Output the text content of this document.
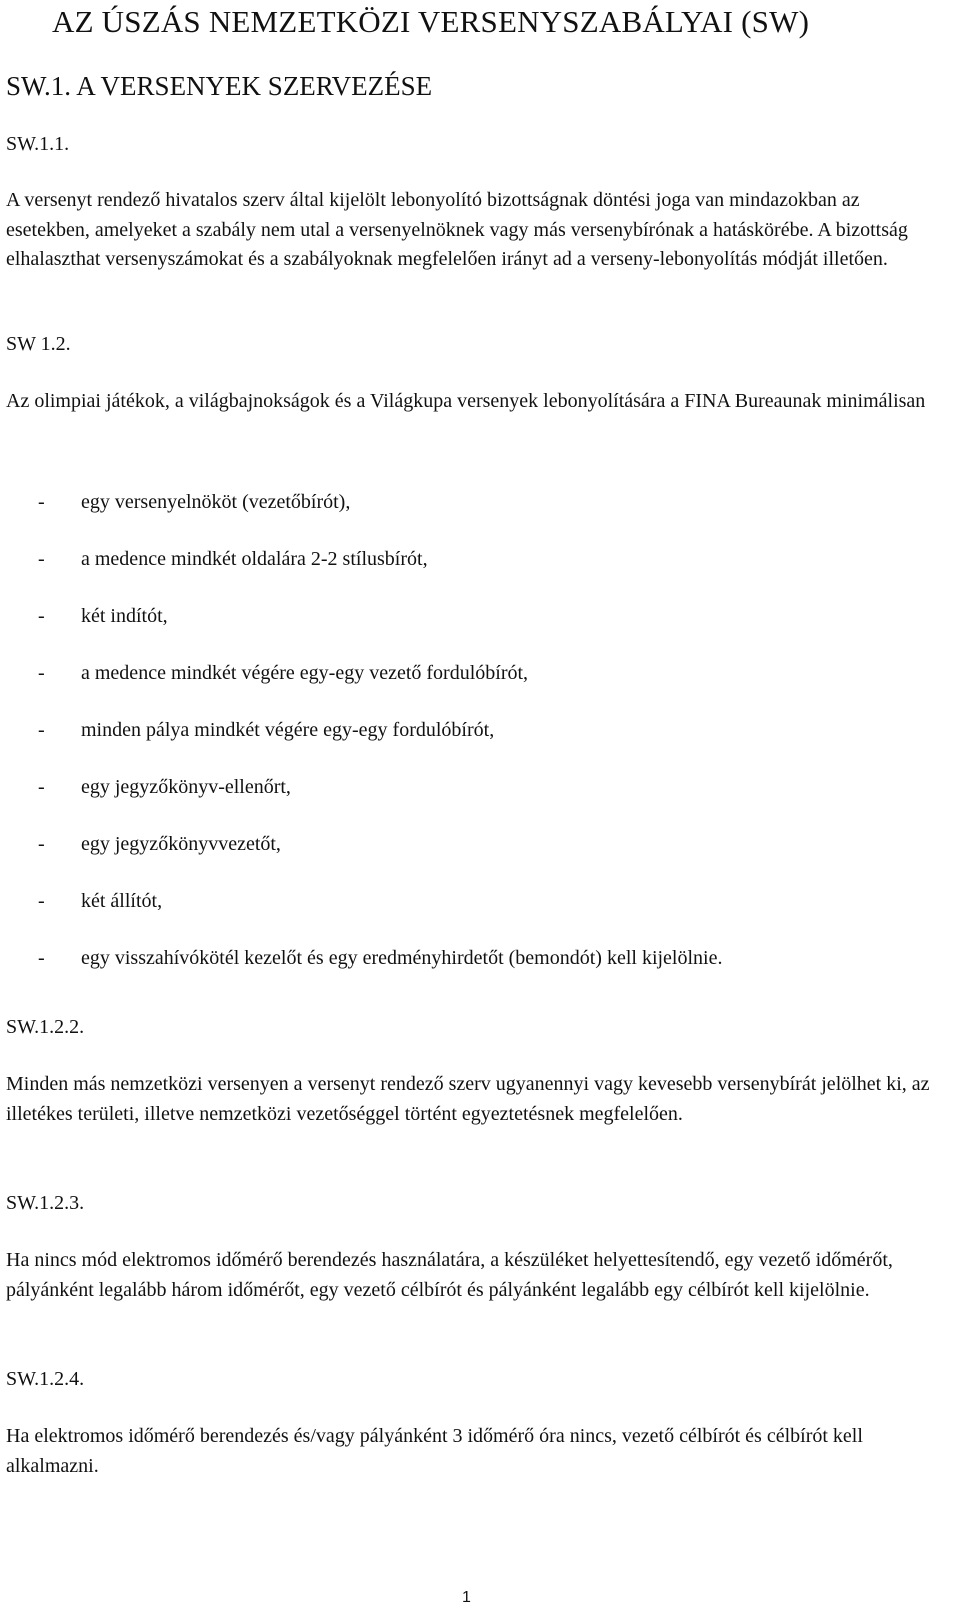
AZ ÚSZÁS NEMZETKÖZI VERSENYSZABÁLYAI (SW)
SW.1. A VERSENYEK SZERVEZÉSE

SW.1.1.

A versenyt rendező hivatalos szerv által kijelölt lebonyolító bizottságnak döntési joga van mindazokban az esetekben, amelyeket a szabály nem utal a versenyelnöknek vagy más versenybírónak a hatáskörébe. A bizottság elhalaszthat versenyszámokat és a szabályoknak megfelelően irányt ad a verseny-lebonyolítás módját illetően.

SW 1.2.

Az olimpiai játékok, a világbajnokságok és a Világkupa versenyek lebonyolítására a FINA Bureaunak minimálisan

- egy versenyelnököt (vezetőbírót),
- a medence mindkét oldalára 2-2 stílusbírót,
- két indítót,
- a medence mindkét végére egy-egy vezető fordulóbírót,
- minden pálya mindkét végére egy-egy fordulóbírót,
- egy jegyzőkönyv-ellenőrt,
- egy jegyzőkönyvvezetőt,
- két állítót,
- egy visszahívókötél kezelőt és egy eredményhirdetőt (bemondót) kell kijelölnie.

SW.1.2.2.

Minden más nemzetközi versenyen a versenyt rendező szerv ugyanennyi vagy kevesebb versenybírát jelölhet ki, az illetékes területi, illetve nemzetközi vezetőséggel történt egyeztetésnek megfelelően.

SW.1.2.3.

Ha nincs mód elektromos időmérő berendezés használatára, a készüléket helyettesítendő, egy vezető időmérőt, pályánként legalább három időmérőt, egy vezető célbírót és pályánként legalább egy célbírót kell kijelölnie.

SW.1.2.4.

Ha elektromos időmérő berendezés és/vagy pályánként 3 időmérő óra nincs, vezető célbírót és célbírót kell alkalmazni.

1
